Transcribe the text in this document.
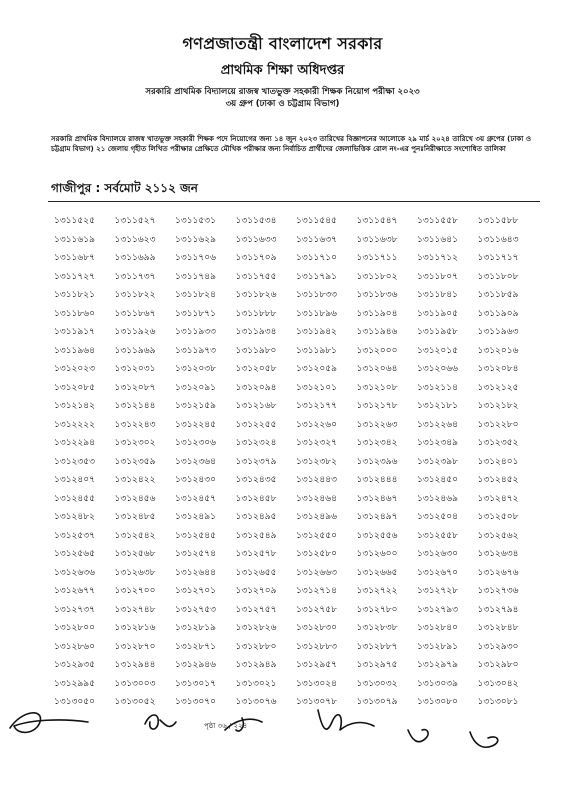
গণপ্রজাতন্ত্রী বাংলাদেশ সরকার
প্রাথমিক শিক্ষা অধিদপ্তর
সরকারি প্রাথমিক বিদ্যালয়ে রাজস্ব খাতভুক্ত সহকারী শিক্ষক নিয়োগ পরীক্ষা ২০২৩
৩য় গ্রুপ (ঢাকা ও চট্টগ্রাম বিভাগ)
সরকারি প্রাথমিক বিদ্যালয়ে রাজস্ব খাতভুক্ত সহকারী শিক্ষক পদে নিয়োগের জন্য ১৪ জুন ২০২৩ তারিখের বিজ্ঞাপনের আলোকে ২৯ মার্চ ২০২৪ তারিখে ৩য় গ্রুপের (ঢাকা ও চট্টগ্রাম বিভাগ) ২১ জেলায় গৃহীত লিখিত পরীক্ষার প্রেক্ষিতে মৌখিক পরীক্ষার জন্য নির্বাচিত প্রার্থীদের জেলাভিত্তিক রোল নং-এর পুনঃনিরীক্ষাতে সংশোধিত তালিকা
গাজীপুর : সর্বমোট ২১১২ জন
১৩১১৫২৫	১৩১১৫২৭	১৩১১৫৩১	১৩১১৫৩৪	১৩১১৫৪৫	১৩১১৫৪৭	১৩১১৫৫৮	১৩১১৫৮৮
১৩১১৬১৯	১৩১১৬২৩	১৩১১৬২৯	১৩১১৬৩৩	১৩১১৬৩৭	১৩১১৬৩৮	১৩১১৬৪১	১৩১১৬৪৩
১৩১১৬৮৭	১৩১১৬৯৯	১৩১১৭০৬	১৩১১৭০৯	১৩১১৭১০	১৩১১৭১১	১৩১১৭১২	১৩১১৭১৭
১৩১১৭২৭	১৩১১৭৩৭	১৩১১৭৪৯	১৩১১৭৫৫	১৩১১৭৯১	১৩১১৮০২	১৩১১৮০৭	১৩১১৮০৮
১৩১১৮২১	১৩১১৮২২	১৩১১৮২৪	১৩১১৮২৬	১৩১১৮৩৩	১৩১১৮৩৬	১৩১১৮৪১	১৩১১৮৫৯
১৩১১৮৬০	১৩১১৮৬৭	১৩১১৮৭১	১৩১১৮৮৮	১৩১১৮৯৬	১৩১১৯০৪	১৩১১৯০৫	১৩১১৯০৯
১৩১১৯১৭	১৩১১৯২৬	১৩১১৯৩৩	১৩১১৯৩৪	১৩১১৯৪২	১৩১১৯৪৬	১৩১১৯৫৮	১৩১১৯৬৩
১৩১১৯৬৪	১৩১১৯৬৯	১৩১১৯৭৩	১৩১১৯৮০	১৩১১৯৮১	১৩১২০০০	১৩১২০১৫	১৩১২০১৬
১৩১২০২৩	১৩১২০৩১	১৩১২০৩৮	১৩১২০৫৮	১৩১২০৫৯	১৩১২০৬৪	১৩১২০৬৬	১৩১২০৮৪
১৩১২০৮৫	১৩১২০৮৭	১৩১২০৯১	১৩১২০৯৪	১৩১২১০১	১৩১২১০৮	১৩১২১১৪	১৩১২১২৫
১৩১২১৪২	১৩১২১৪৪	১৩১২১৫৯	১৩১২১৬৮	১৩১২১৭৭	১৩১২১৭৮	১৩১২১৮১	১৩১২১৮২
১৩১২২২২	১৩১২২৪৩	১৩১২২৪৫	১৩১২২৫৫	১৩১২২৬০	১৩১২২৬৩	১৩১২২৬৪	১৩১২২৮০
১৩১২২৯৪	১৩১২৩০২	১৩১২৩০৬	১৩১২৩২৪	১৩১২৩২৭	১৩১২৩৪২	১৩১২৩৪৯	১৩১২৩৫২
১৩১২৩৫৩	১৩১২৩৫৯	১৩১২৩৬৪	১৩১২৩৭৯	১৩১২৩৮২	১৩১২৩৯৬	১৩১২৩৯৮	১৩১২৪০১
১৩১২৪০৭	১৩১২৪২২	১৩১২৪৩০	১৩১২৪৩৫	১৩১২৪৪৩	১৩১২৪৪৪	১৩১২৪৫০	১৩১২৪৫২
১৩১২৪৫৫	১৩১২৪৫৬	১৩১২৪৫৭	১৩১২৪৫৮	১৩১২৪৬৪	১৩১২৪৬৭	১৩১২৪৬৯	১৩১২৪৭২
১৩১২৪৮২	১৩১২৪৮৫	১৩১২৪৯১	১৩১২৪৯৫	১৩১২৪৯৬	১৩১২৪৯৭	১৩১২৫০৪	১৩১২৫০৮
১৩১২৫৩৭	১৩১২৫৪২	১৩১২৫৪৫	১৩১২৫৪৯	১৩১২৫৫০	১৩১২৫৫৬	১৩১২৫৫৮	১৩১২৫৬২
১৩১২৫৬৫	১৩১২৫৬৮	১৩১২৫৭৪	১৩১২৫৭৮	১৩১২৫৮০	১৩১২৬০০	১৩১২৬৩০	১৩১২৬৩৪
১৩১২৬৩৬	১৩১২৬৩৮	১৩১২৬৪৪	১৩১২৬৫৫	১৩১২৬৬৩	১৩১২৬৬৫	১৩১২৬৭০	১৩১২৬৭৬
১৩১২৬৭৭	১৩১২৭০০	১৩১২৭০১	১৩১২৭০৯	১৩১২৭১৪	১৩১২৭২২	১৩১২৭২৮	১৩১২৭৩৬
১৩১২৭৩৭	১৩১২৭৪৮	১৩১২৭৫৩	১৩১২৭৫৭	১৩১২৭৫৮	১৩১২৭৮০	১৩১২৭৯৩	১৩১২৭৯৪
১৩১২৮০০	১৩১২৮১৬	১৩১২৮১৯	১৩১২৮২৬	১৩১২৮৩০	১৩১২৮৩৮	১৩১২৮৪০	১৩১২৮৪৮
১৩১২৮৬০	১৩১২৮৭০	১৩১২৮৭১	১৩১২৮৮০	১৩১২৮৮৩	১৩১২৮৮৭	১৩১২৮৯১	১৩১২৯৩০
১৩১২৯৩৫	১৩১২৯৪৪	১৩১২৯৪৬	১৩১২৯৪৯	১৩১২৯৫৭	১৩১২৯৭৫	১৩১২৯৭৯	১৩১২৯৮০
১৩১২৯৯৫	১৩১৩০০৩	১৩১৩০১৭	১৩১৩০২১	১৩১৩০২৪	১৩১৩০৩২	১৩১৩০৩৯	১৩১৩০৪২
১৩১৩০৫০	১৩১৩০৫২	১৩১৩০৭০	১৩১৩০৭৬	১৩১৩০৭৮	১৩১৩০৭৯	১৩১৩০৮০	১৩১৩০৮১
পৃষ্ঠা ৩৬ / ২২৪
